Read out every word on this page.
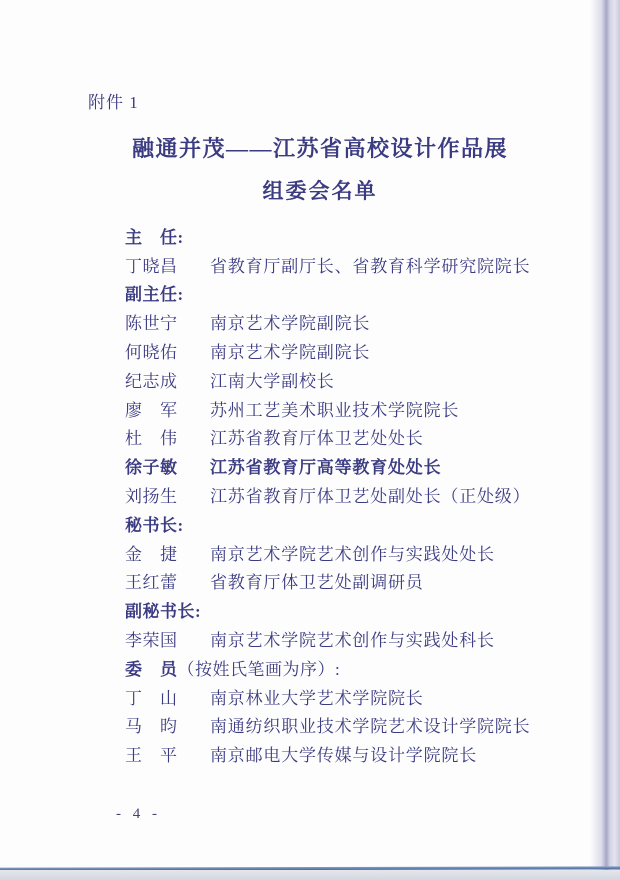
附件 1
融通并茂——江苏省高校设计作品展
组委会名单
主　任:
丁晓昌	省教育厅副厅长、省教育科学研究院院长
副主任:
陈世宁	南京艺术学院副院长
何晓佑	南京艺术学院副院长
纪志成	江南大学副校长
廖　军	苏州工艺美术职业技术学院院长
杜　伟	江苏省教育厅体卫艺处处长
徐子敏	江苏省教育厅高等教育处处长
刘扬生	江苏省教育厅体卫艺处副处长（正处级）
秘书长:
金　捷	南京艺术学院艺术创作与实践处处长
王红蕾	省教育厅体卫艺处副调研员
副秘书长:
李荣国	南京艺术学院艺术创作与实践处科长
委　员 （按姓氏笔画为序）:
丁　山	南京林业大学艺术学院院长
马　昀	南通纺织职业技术学院艺术设计学院院长
王　平	南京邮电大学传媒与设计学院院长
- 4 -
